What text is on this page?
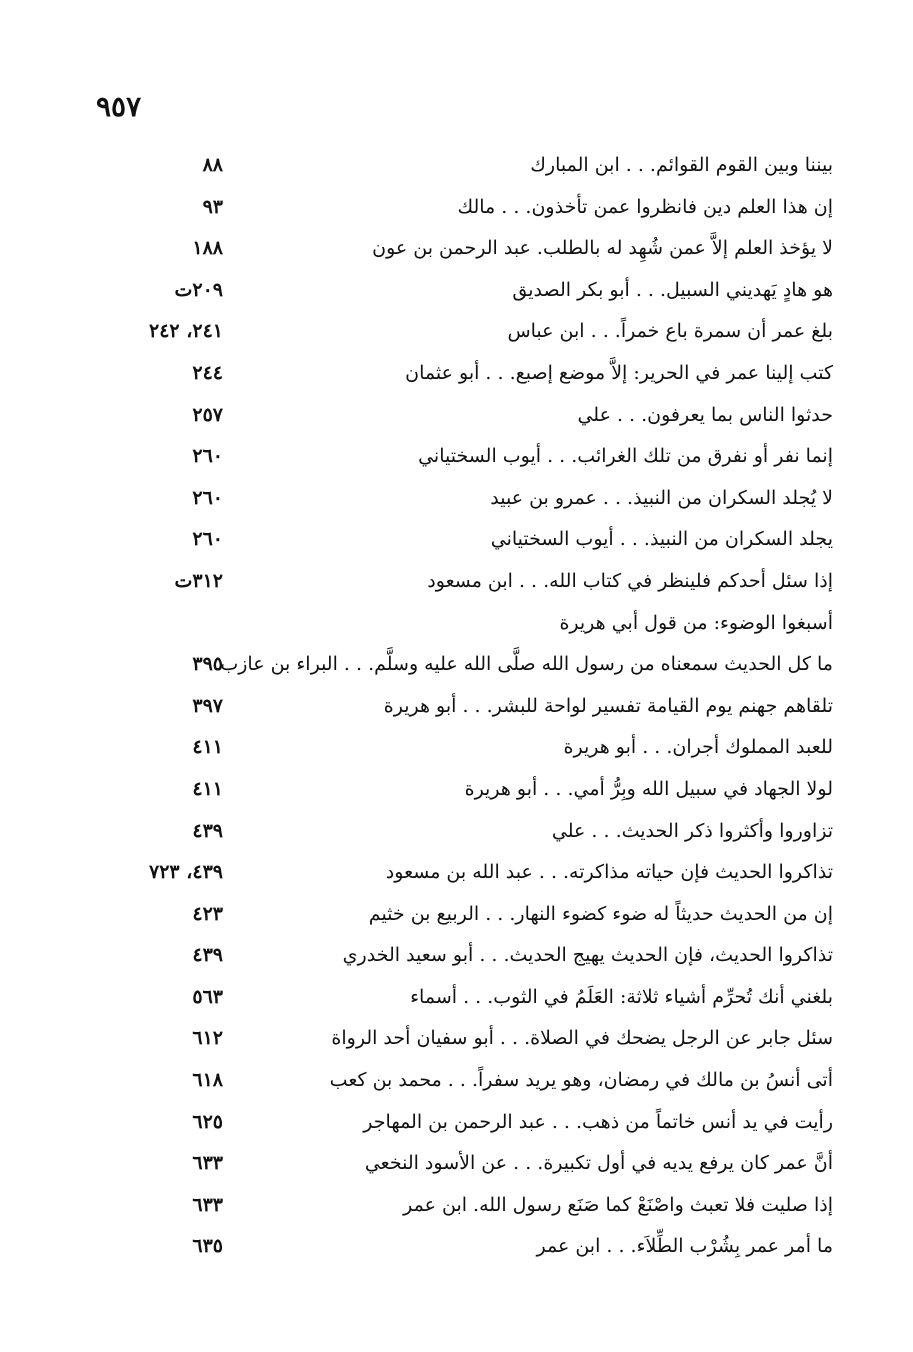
٩٥٧
بيننا وبين القوم القوائم. . . ابن المبارك
٨٨
إن هذا العلم دين فانظروا عمن تأخذون. . . مالك
٩٣
لا يؤخذ العلم إلاَّ عمن شُهِد له بالطلب. عبد الرحمن بن عون
١٨٨
هو هادٍ يَهديني السبيل. . . أبو بكر الصديق
٢٠٩ت
بلغ عمر أن سمرة باع خمراً. . . ابن عباس
٢٤١، ٢٤٢
كتب إلينا عمر في الحرير: إلاَّ موضع إصبع. . . أبو عثمان
٢٤٤
حدثوا الناس بما يعرفون. . . علي
٢٥٧
إنما نفر أو نفرق من تلك الغرائب. . . أيوب السختياني
٢٦٠
لا يُجلد السكران من النبيذ. . . عمرو بن عبيد
٢٦٠
يجلد السكران من النبيذ. . . أيوب السختياني
٢٦٠
إذا سئل أحدكم فلينظر في كتاب الله. . . ابن مسعود
٣١٢ت
أسبغوا الوضوء: من قول أبي هريرة
ما كل الحديث سمعناه من رسول الله صلَّى الله عليه وسلَّم. . . البراء بن عازب
٣٩٥
تلقاهم جهنم يوم القيامة تفسير لواحة للبشر. . . أبو هريرة
٣٩٧
للعبد المملوك أجران. . . أبو هريرة
٤١١
لولا الجهاد في سبيل الله وبِرُّ أمي. . . أبو هريرة
٤١١
تزاوروا وأكثروا ذكر الحديث. . . علي
٤٣٩
تذاكروا الحديث فإن حياته مذاكرته. . . عبد الله بن مسعود
٤٣٩، ٧٢٣
إن من الحديث حديثاً له ضوء كضوء النهار. . . الربيع بن خثيم
٤٢٣
تذاكروا الحديث، فإن الحديث يهيج الحديث. . . أبو سعيد الخدري
٤٣٩
بلغني أنك تُحرِّم أشياء ثلاثة: العَلَمُ في الثوب. . . أسماء
٥٦٣
سئل جابر عن الرجل يضحك في الصلاة. . . أبو سفيان أحد الرواة
٦١٢
أتى أنسُ بن مالك في رمضان، وهو يريد سفراً. . . محمد بن كعب
٦١٨
رأيت في يد أنس خاتماً من ذهب. . . عبد الرحمن بن المهاجر
٦٢٥
أنَّ عمر كان يرفع يديه في أول تكبيرة. . . عن الأسود النخعي
٦٣٣
إذا صليت فلا تعبث واصْنَعْ كما صَنَع رسول الله. ابن عمر
٦٣٣
ما أمر عمر بِشُرْب الطِّلاَء. . . ابن عمر
٦٣٥
